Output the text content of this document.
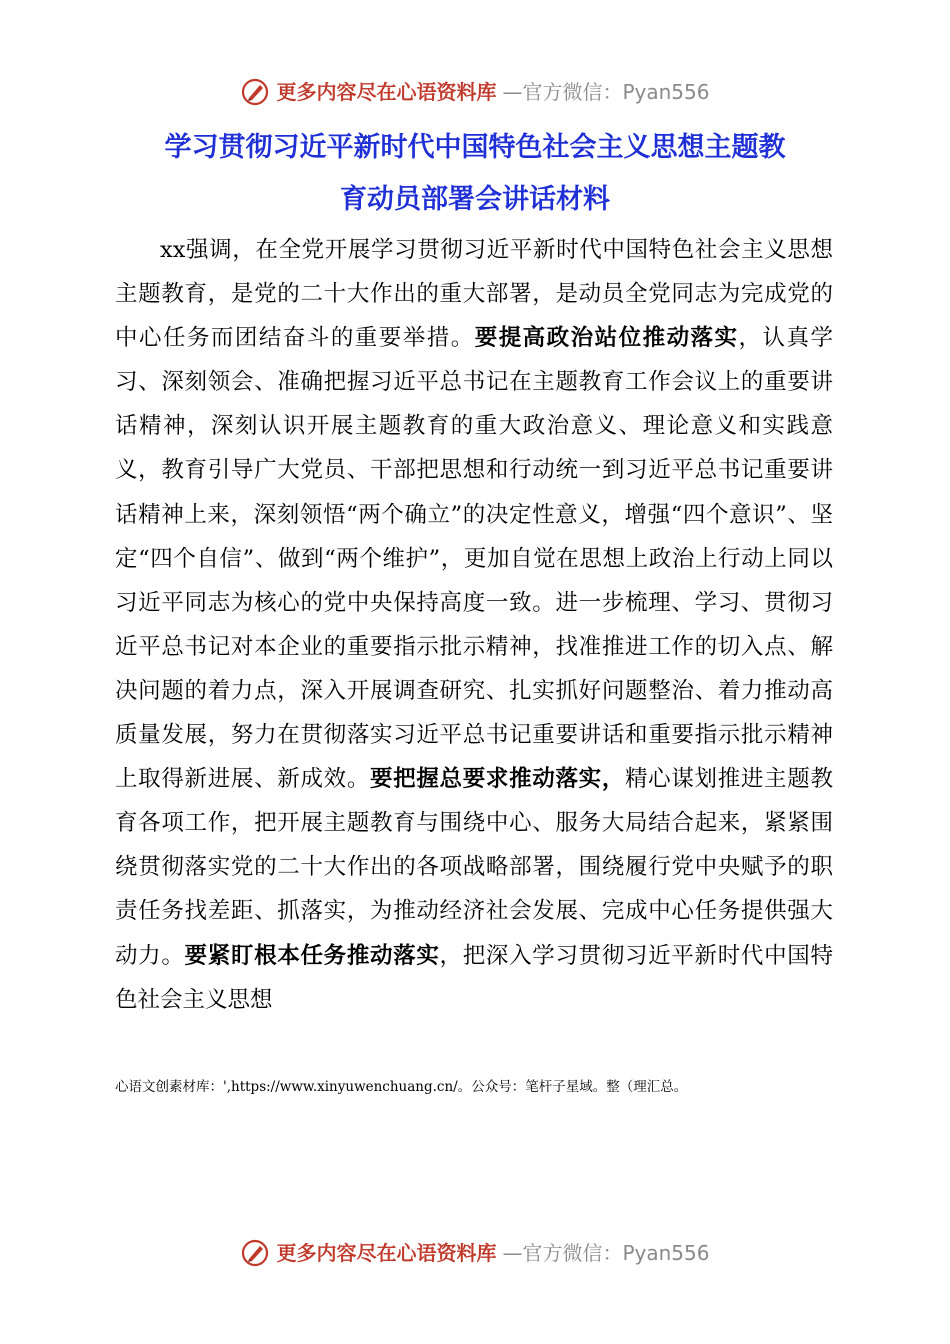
更多内容尽在心语资料库 —官方微信：Pyan556
学习贯彻习近平新时代中国特色社会主义思想主题教
育动员部署会讲话材料
xx强调，在全党开展学习贯彻习近平新时代中国特色社会主义思想主题教育，是党的二十大作出的重大部署，是动员全党同志为完成党的中心任务而团结奋斗的重要举措。要提高政治站位推动落实，认真学习、深刻领会、准确把握习近平总书记在主题教育工作会议上的重要讲话精神，深刻认识开展主题教育的重大政治意义、理论意义和实践意义，教育引导广大党员、干部把思想和行动统一到习近平总书记重要讲话精神上来，深刻领悟“两个确立”的决定性意义，增强“四个意识”、坚定“四个自信”、做到“两个维护”，更加自觉在思想上政治上行动上同以习近平同志为核心的党中央保持高度一致。进一步梳理、学习、贯彻习近平总书记对本企业的重要指示批示精神，找准推进工作的切入点、解决问题的着力点，深入开展调查研究、扎实抓好问题整治、着力推动高质量发展，努力在贯彻落实习近平总书记重要讲话和重要指示批示精神上取得新进展、新成效。要把握总要求推动落实，精心谋划推进主题教育各项工作，把开展主题教育与围绕中心、服务大局结合起来，紧紧围绕贯彻落实党的二十大作出的各项战略部署，围绕履行党中央赋予的职责任务找差距、抓落实，为推动经济社会发展、完成中心任务提供强大动力。要紧盯根本任务推动落实，把深入学习贯彻习近平新时代中国特色社会主义思想
心语文创素材库：',https://www.xinyuwenchuang.cn/。公众号：笔杆子星域。整（理汇总。
更多内容尽在心语资料库 —官方微信：Pyan556
